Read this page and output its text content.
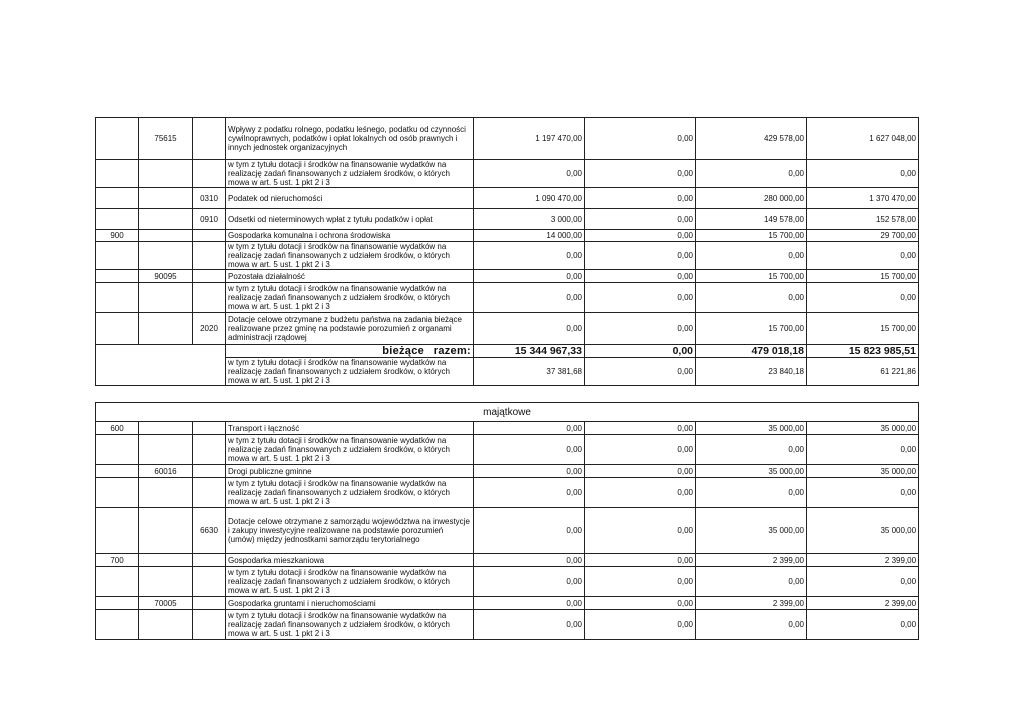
	75615		Wpływy z podatku rolnego, podatku leśnego, podatku od czynności cywilnoprawnych, podatków i opłat lokalnych od osób prawnych i innych jednostek organizacyjnych	1 197 470,00	0,00	429 578,00	1 627 048,00
			w tym z tytułu dotacji i środków na finansowanie wydatków na realizację zadań finansowanych z udziałem środków, o których mowa w art. 5 ust. 1 pkt 2 i 3	0,00	0,00	0,00	0,00
		0310	Podatek od nieruchomości	1 090 470,00	0,00	280 000,00	1 370 470,00
		0910	Odsetki od nieterminowych wpłat z tytułu podatków i opłat	3 000,00	0,00	149 578,00	152 578,00
900			Gospodarka komunalna i ochrona środowiska	14 000,00	0,00	15 700,00	29 700,00
			w tym z tytułu dotacji i środków na finansowanie wydatków na realizację zadań finansowanych z udziałem środków, o których mowa w art. 5 ust. 1 pkt 2 i 3	0,00	0,00	0,00	0,00
	90095		Pozostała działalność	0,00	0,00	15 700,00	15 700,00
			w tym z tytułu dotacji i środków na finansowanie wydatków na realizację zadań finansowanych z udziałem środków, o których mowa w art. 5 ust. 1 pkt 2 i 3	0,00	0,00	0,00	0,00
		2020	Dotacje celowe otrzymane z budżetu państwa na zadania bieżące realizowane przez gminę na podstawie porozumień z organami administracji rządowej	0,00	0,00	15 700,00	15 700,00
			bieżące razem:	15 344 967,33	0,00	479 018,18	15 823 985,51
			w tym z tytułu dotacji i środków na finansowanie wydatków na realizację zadań finansowanych z udziałem środków, o których mowa w art. 5 ust. 1 pkt 2 i 3	37 381,68	0,00	23 840,18	61 221,86
majątkowe							
600			Transport i łączność	0,00	0,00	35 000,00	35 000,00
			w tym z tytułu dotacji i środków na finansowanie wydatków na realizację zadań finansowanych z udziałem środków, o których mowa w art. 5 ust. 1 pkt 2 i 3	0,00	0,00	0,00	0,00
	60016		Drogi publiczne gminne	0,00	0,00	35 000,00	35 000,00
			w tym z tytułu dotacji i środków na finansowanie wydatków na realizację zadań finansowanych z udziałem środków, o których mowa w art. 5 ust. 1 pkt 2 i 3	0,00	0,00	0,00	0,00
		6630	Dotacje celowe otrzymane z samorządu województwa na inwestycje i zakupy inwestycyjne realizowane na podstawie porozumień (umów) między jednostkami samorządu terytorialnego	0,00	0,00	35 000,00	35 000,00
700			Gospodarka mieszkaniowa	0,00	0,00	2 399,00	2 399,00
			w tym z tytułu dotacji i środków na finansowanie wydatków na realizację zadań finansowanych z udziałem środków, o których mowa w art. 5 ust. 1 pkt 2 i 3	0,00	0,00	0,00	0,00
	70005		Gospodarka gruntami i nieruchomościami	0,00	0,00	2 399,00	2 399,00
			w tym z tytułu dotacji i środków na finansowanie wydatków na realizację zadań finansowanych z udziałem środków, o których mowa w art. 5 ust. 1 pkt 2 i 3	0,00	0,00	0,00	0,00
